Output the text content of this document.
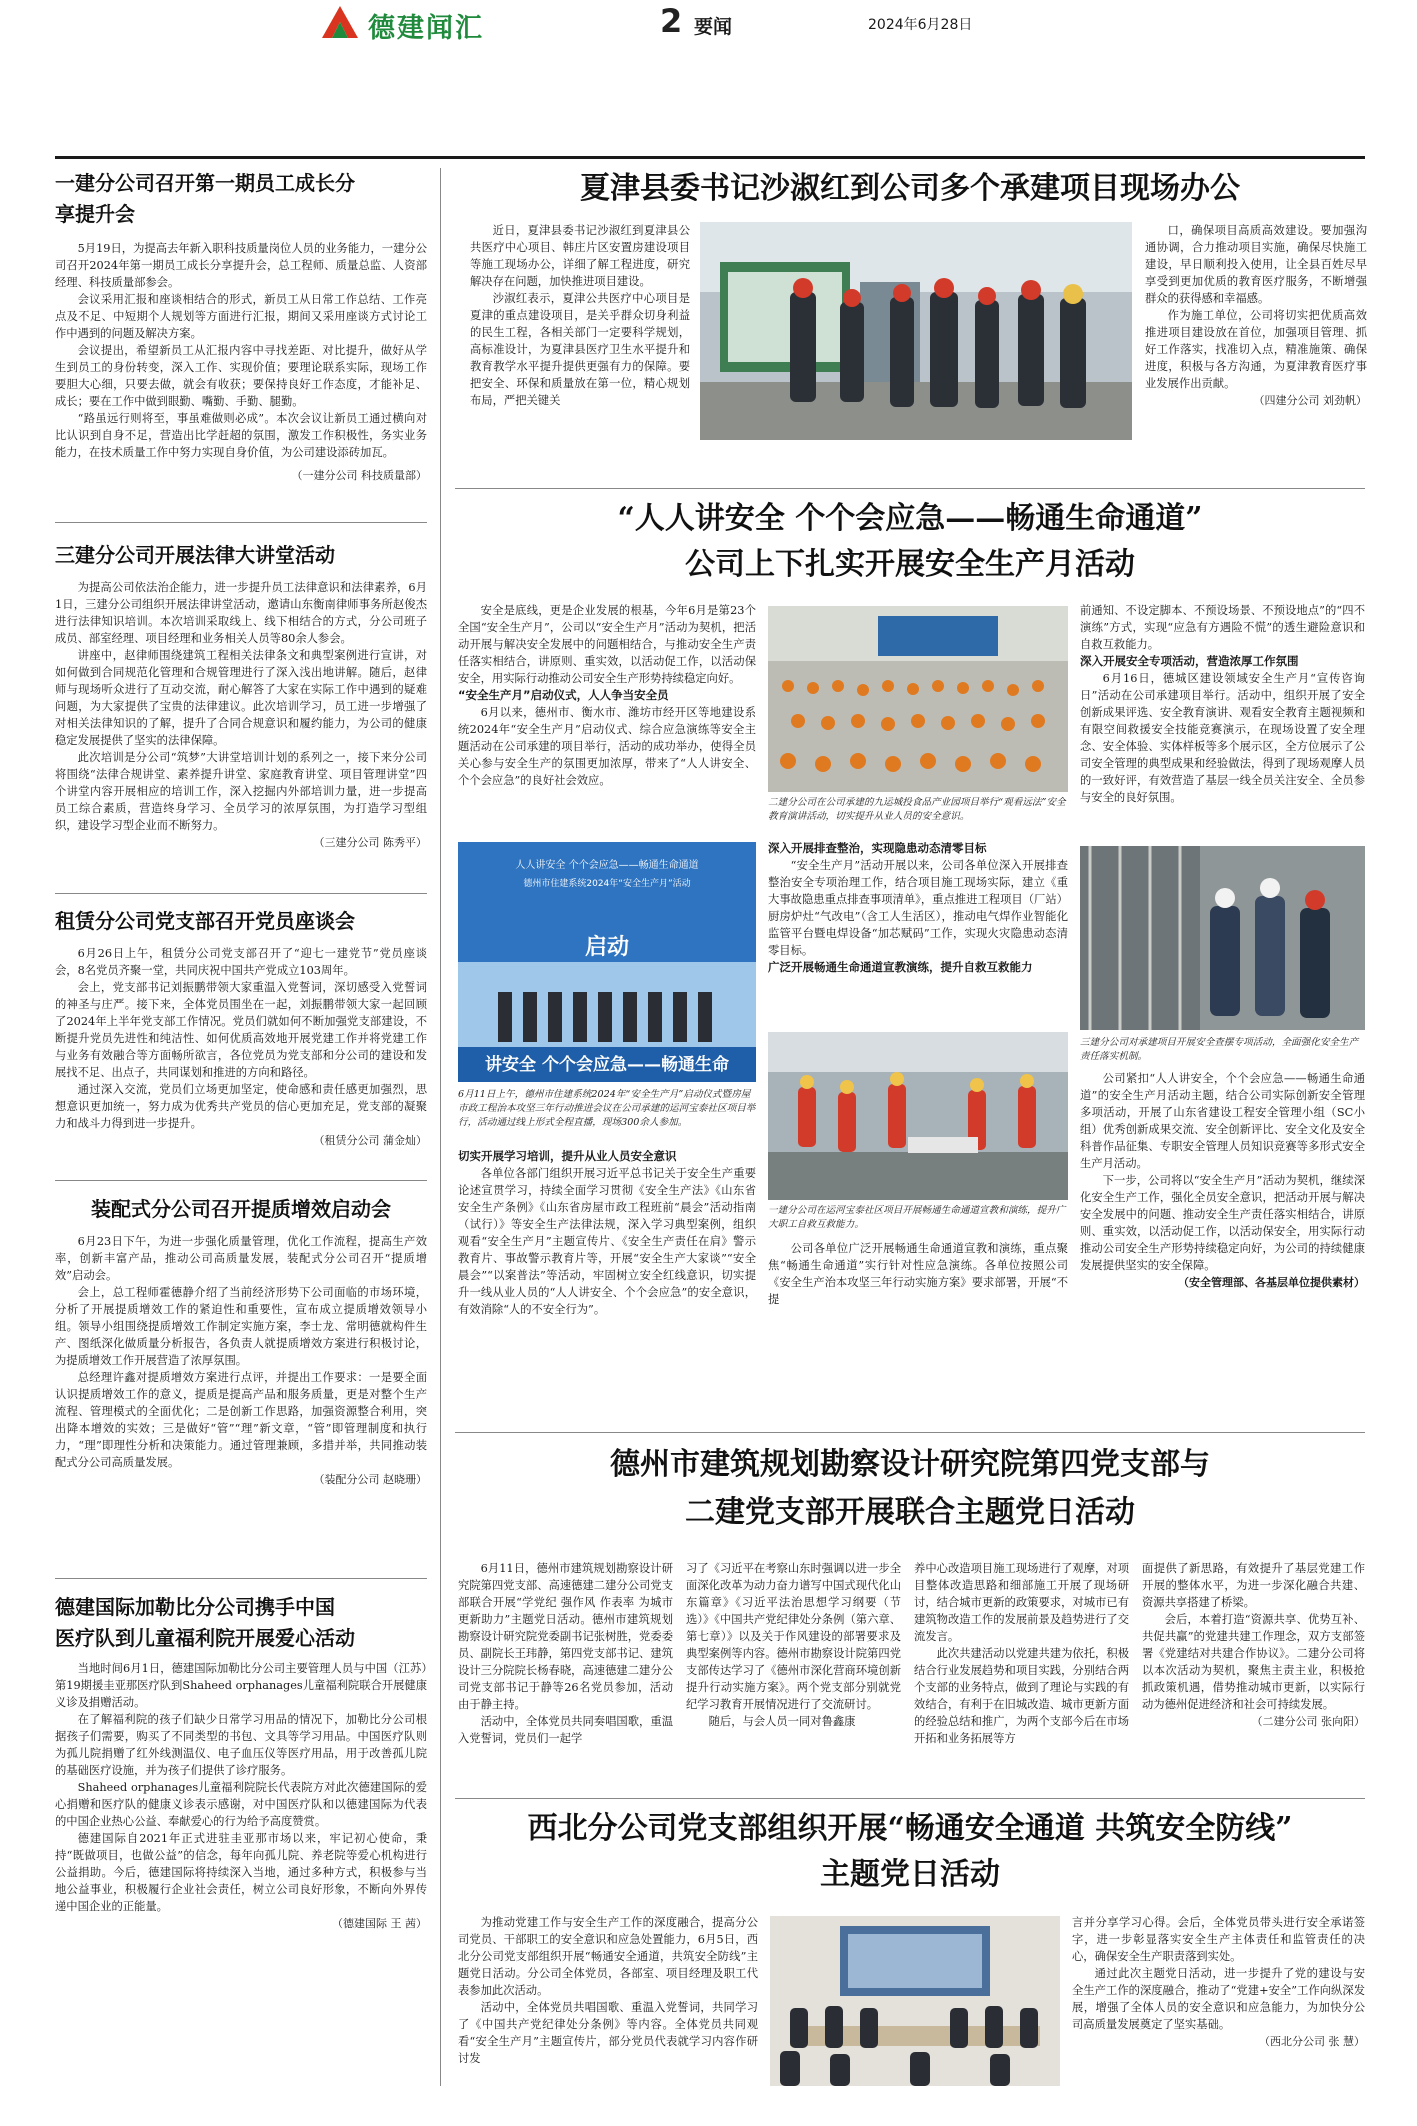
德建闻汇	2 要闻	2024年6月28日
一建分公司召开第一期员工成长分享提升会

5月19日，为提高去年新入职科技质量岗位人员的业务能力，一建分公司召开2024年第一期员工成长分享提升会，总工程师、质量总监、人资部经理、科技质量部参会。

会议采用汇报和座谈相结合的形式，新员工从日常工作总结、工作亮点及不足、中短期个人规划等方面进行汇报，期间又采用座谈方式讨论工作中遇到的问题及解决方案。

会议提出，希望新员工从汇报内容中寻找差距、对比提升，做好从学生到员工的身份转变，深入工作、实现价值；要理论联系实际，现场工作要胆大心细，只要去做，就会有收获；要保持良好工作态度，才能补足、成长；要在工作中做到眼勤、嘴勤、手勤、腿勤。

“路虽远行则将至，事虽难做则必成”。本次会议让新员工通过横向对比认识到自身不足，营造出比学赶超的氛围，激发工作积极性，务实业务能力，在技术质量工作中努力实现自身价值，为公司建设添砖加瓦。

（一建分公司 科技质量部）
三建分公司开展法律大讲堂活动

为提高公司依法治企能力，进一步提升员工法律意识和法律素养，6月1日，三建分公司组织开展法律讲堂活动，邀请山东衡南律师事务所赵俊杰进行法律知识培训。本次培训采取线上、线下相结合的方式，分公司班子成员、部室经理、项目经理和业务相关人员等80余人参会。

讲座中，赵律师围绕建筑工程相关法律条文和典型案例进行宣讲，对如何做到合同规范化管理和合规管理进行了深入浅出地讲解。随后，赵律师与现场听众进行了互动交流，耐心解答了大家在实际工作中遇到的疑难问题，为大家提供了宝贵的法律建议。此次培训学习，员工进一步增强了对相关法律知识的了解，提升了合同合规意识和履约能力，为公司的健康稳定发展提供了坚实的法律保障。

此次培训是分公司“筑梦”大讲堂培训计划的系列之一，接下来分公司将围绕“法律合规讲堂、素养提升讲堂、家庭教育讲堂、项目管理讲堂”四个讲堂内容开展相应的培训工作，深入挖掘内外部培训力量，进一步提高员工综合素质，营造终身学习、全员学习的浓厚氛围，为打造学习型组织，建设学习型企业而不断努力。

（三建分公司 陈秀平）
租赁分公司党支部召开党员座谈会

6月26日上午，租赁分公司党支部召开了“迎七一建党节”党员座谈会，8名党员齐聚一堂，共同庆祝中国共产党成立103周年。

会上，党支部书记刘振鹏带领大家重温入党誓词，深切感受入党誓词的神圣与庄严。接下来，全体党员围坐在一起，刘振鹏带领大家一起回顾了2024年上半年党支部工作情况。党员们就如何不断加强党支部建设，不断提升党员先进性和纯洁性、如何优质高效地开展党建工作并将党建工作与业务有效融合等方面畅所欲言，各位党员为党支部和分公司的建设和发展找不足、出点子，共同谋划和推进的方向和路径。

通过深入交流，党员们立场更加坚定，使命感和责任感更加强烈，思想意识更加统一，努力成为优秀共产党员的信心更加充足，党支部的凝聚力和战斗力得到进一步提升。

（租赁分公司 蒲金灿）
装配式分公司召开提质增效启动会

6月23日下午，为进一步强化质量管理，优化工作流程，提高生产效率，创新丰富产品，推动公司高质量发展，装配式分公司召开“提质增效”启动会。

会上，总工程师霍德静介绍了当前经济形势下公司面临的市场环境，分析了开展提质增效工作的紧迫性和重要性，宣布成立提质增效领导小组。领导小组围绕提质增效工作制定实施方案，李士龙、常明德就构件生产、图纸深化做质量分析报告，各负责人就提质增效方案进行积极讨论，为提质增效工作开展营造了浓厚氛围。

总经理许鑫对提质增效方案进行点评，并提出工作要求：一是要全面认识提质增效工作的意义，提质是提高产品和服务质量，更是对整个生产流程、管理模式的全面优化；二是创新工作思路，加强资源整合利用，突出降本增效的实效；三是做好“管”“理”新文章，“管”即管理制度和执行力，“理”即理性分析和决策能力。通过管理兼顾，多措并举，共同推动装配式分公司高质量发展。

（装配分公司 赵晓珊）
德建国际加勒比分公司携手中国
医疗队到儿童福利院开展爱心活动

当地时间6月1日，德建国际加勒比分公司主要管理人员与中国（江苏）第19期援圭亚那医疗队到Shaheed orphanages儿童福利院联合开展健康义诊及捐赠活动。

在了解福利院的孩子们缺少日常学习用品的情况下，加勒比分公司根据孩子们需要，购买了不同类型的书包、文具等学习用品。中国医疗队则为孤儿院捐赠了红外线测温仪、电子血压仪等医疗用品，用于改善孤儿院的基础医疗设施，并为孩子们提供了诊疗服务。

Shaheed orphanages儿童福利院院长代表院方对此次德建国际的爱心捐赠和医疗队的健康义诊表示感谢，对中国医疗队和以德建国际为代表的中国企业热心公益、奉献爱心的行为给予高度赞赏。

德建国际自2021年正式进驻圭亚那市场以来，牢记初心使命，秉持“既做项目，也做公益”的信念，每年向孤儿院、养老院等爱心机构进行公益捐助。今后，德建国际将持续深入当地，通过多种方式，积极参与当地公益事业，积极履行企业社会责任，树立公司良好形象，不断向外界传递中国企业的正能量。

（德建国际 王 茜）
夏津县委书记沙淑红到公司多个承建项目现场办公

近日，夏津县委书记沙淑红到夏津县公共医疗中心项目、韩庄片区安置房建设项目等施工现场办公，详细了解工程进度，研究解决存在问题，加快推进项目建设。

沙淑红表示，夏津公共医疗中心项目是夏津的重点建设项目，是关乎群众切身利益的民生工程，各相关部门一定要科学规划，高标准设计，为夏津县医疗卫生水平提升和教育教学水平提升提供更强有力的保障。要把安全、环保和质量放在第一位，精心规划布局，严把关键关

口，确保项目高质高效建设。要加强沟通协调，合力推动项目实施，确保尽快施工建设，早日顺利投入使用，让全县百姓尽早享受到更加优质的教育医疗服务，不断增强群众的获得感和幸福感。

作为施工单位，公司将切实把优质高效推进项目建设放在首位，加强项目管理、抓好工作落实，找准切入点，精准施策、确保进度，积极与各方沟通，为夏津教育医疗事业发展作出贡献。

（四建分公司 刘劲帆）
“人人讲安全 个个会应急——畅通生命通道”
公司上下扎实开展安全生产月活动

安全是底线，更是企业发展的根基，今年6月是第23个全国“安全生产月”，公司以“安全生产月”活动为契机，把活动开展与解决安全发展中的问题相结合，与推动安全生产责任落实相结合，讲原则、重实效，以活动促工作，以活动保安全，用实际行动推动公司安全生产形势持续稳定向好。

“安全生产月”启动仪式，人人争当安全员

6月以来，德州市、衡水市、潍坊市经开区等地建设系统2024年“安全生产月”启动仪式、综合应急演练等安全主题活动在公司承建的项目举行，活动的成功举办，使得全员关心参与安全生产的氛围更加浓厚，带来了“人人讲安全、个个会应急”的良好社会效应。

人人讲安全 个个会应急——畅通生命通道
德州市住建系统2024年“安全生产月”活动
启动
讲安全 个个会应急——畅通生命
6月11日上午，德州市住建系统2024年“安全生产月”启动仪式暨房屋市政工程治本攻坚三年行动推进会议在公司承建的运河宝泰社区项目举行，活动通过线上形式全程直播，现场300余人参加。
切实开展学习培训，提升从业人员安全意识

各单位各部门组织开展习近平总书记关于安全生产重要论述宣贯学习，持续全面学习贯彻《安全生产法》《山东省安全生产条例》《山东省房屋市政工程班前“晨会”活动指南（试行）》等安全生产法律法规，深入学习典型案例，组织观看“安全生产月”主题宣传片、《安全生产责任在肩》警示教育片、事故警示教育片等，开展“安全生产大家谈”“安全晨会”“以案普法”等活动，牢固树立安全红线意识，切实提升一线从业人员的“人人讲安全、个个会应急”的安全意识，有效消除“人的不安全行为”。

二建分公司在公司承建的九运城投食品产业园项目举行“观看远法”安全教育演讲活动，切实提升从业人员的安全意识。
深入开展排查整治，实现隐患动态清零目标

“安全生产月”活动开展以来，公司各单位深入开展排查整治安全专项治理工作，结合项目施工现场实际，建立《重大事故隐患重点排查事项清单》，重点推进工程项目（厂站）厨房炉灶“气改电”（含工人生活区），推动电气焊作业智能化监管平台暨电焊设备“加芯赋码”工作，实现火灾隐患动态清零目标。

广泛开展畅通生命通道宣教演练，提升自救互救能力
一建分公司在运河宝泰社区项目开展畅通生命通道宣教和演练，提升广大职工自救互救能力。

公司各单位广泛开展畅通生命通道宣教和演练，重点聚焦“畅通生命通道”实行针对性应急演练。各单位按照公司《安全生产治本攻坚三年行动实施方案》要求部署，开展“不提

前通知、不设定脚本、不预设场景、不预设地点”的“四不演练”方式，实现“应急有方遇险不慌”的透生避险意识和自救互救能力。

深入开展安全专项活动，营造浓厚工作氛围

6月16日，德城区建设领域安全生产月“宣传咨询日”活动在公司承建项目举行。活动中，组织开展了安全创新成果评选、安全教育演讲、观看安全教育主题视频和有限空间救援安全技能竞赛演示，在现场设置了安全理念、安全体验、实体样板等多个展示区，全方位展示了公司安全管理的典型成果和经验做法，得到了现场观摩人员的一致好评，有效营造了基层一线全员关注安全、全员参与安全的良好氛围。

三建分公司对承建项目开展安全查摆专项活动，全面强化安全生产责任落实机制。

公司紧扣“人人讲安全，个个会应急——畅通生命通道”的安全生产月活动主题，结合公司实际创新安全管理多项活动，开展了山东省建设工程安全管理小组（SC小组）优秀创新成果交流、安全创新评比、安全文化及安全科普作品征集、专职安全管理人员知识竞赛等多形式安全生产月活动。

下一步，公司将以“安全生产月”活动为契机，继续深化安全生产工作，强化全员安全意识，把活动开展与解决安全发展中的问题、推动安全生产责任落实相结合，讲原则、重实效，以活动促工作，以活动保安全，用实际行动推动公司安全生产形势持续稳定向好，为公司的持续健康发展提供坚实的安全保障。

（安全管理部、各基层单位提供素材）
德州市建筑规划勘察设计研究院第四党支部与
二建党支部开展联合主题党日活动

6月11日，德州市建筑规划勘察设计研究院第四党支部、高速德建二建分公司党支部联合开展“学党纪 强作风 作表率 为城市更新助力”主题党日活动。德州市建筑规划勘察设计研究院党委副书记张树胜，党委委员、副院长王玮静，第四党支部书记、建筑设计三分院院长杨春晓，高速德建二建分公司党支部书记于静等26名党员参加，活动由于静主持。

活动中，全体党员共同奏唱国歌，重温入党誓词，党员们一起学

习了《习近平在考察山东时强调以进一步全面深化改革为动力奋力谱写中国式现代化山东篇章》《习近平法治思想学习纲要（节选）》《中国共产党纪律处分条例（第六章、第七章）》以及关于作风建设的部署要求及典型案例等内容。德州市勘察设计院第四党支部传达学习了《德州市深化营商环境创新提升行动实施方案》。两个党支部分别就党纪学习教育开展情况进行了交流研讨。

随后，与会人员一同对鲁鑫康

养中心改造项目施工现场进行了观摩，对项目整体改造思路和细部施工开展了现场研讨，结合城市更新的政策要求，对城市已有建筑物改造工作的发展前景及趋势进行了交流发言。

此次共建活动以党建共建为依托，积极结合行业发展趋势和项目实践，分别结合两个支部的业务特点，做到了理论与实践的有效结合，有利于在旧城改造、城市更新方面的经验总结和推广，为两个支部今后在市场开拓和业务拓展等方

面提供了新思路，有效提升了基层党建工作开展的整体水平，为进一步深化融合共建、资源共享搭建了桥梁。

会后，本着打造“资源共享、优势互补、共促共赢”的党建共建工作理念，双方支部签署《党建结对共建合作协议》。二建分公司将以本次活动为契机，聚焦主责主业，积极抢抓政策机遇，借势推动城市更新，以实际行动为德州促进经济和社会可持续发展。

（二建分公司 张向阳）
西北分公司党支部组织开展“畅通安全通道 共筑安全防线”
主题党日活动

为推动党建工作与安全生产工作的深度融合，提高分公司党员、干部职工的安全意识和应急处置能力，6月5日，西北分公司党支部组织开展“畅通安全通道，共筑安全防线”主题党日活动。分公司全体党员，各部室、项目经理及职工代表参加此次活动。

活动中，全体党员共唱国歌、重温入党誓词，共同学习了《中国共产党纪律处分条例》等内容。全体党员共同观看“安全生产月”主题宣传片，部分党员代表就学习内容作研讨发

言并分享学习心得。会后，全体党员带头进行安全承诺签字，进一步彰显落实安全生产主体责任和监管责任的决心，确保安全生产职责落到实处。

通过此次主题党日活动，进一步提升了党的建设与安全生产工作的深度融合，推动了“党建+安全”工作向纵深发展，增强了全体人员的安全意识和应急能力，为加快分公司高质量发展奠定了坚实基础。

（西北分公司 张 慧）
